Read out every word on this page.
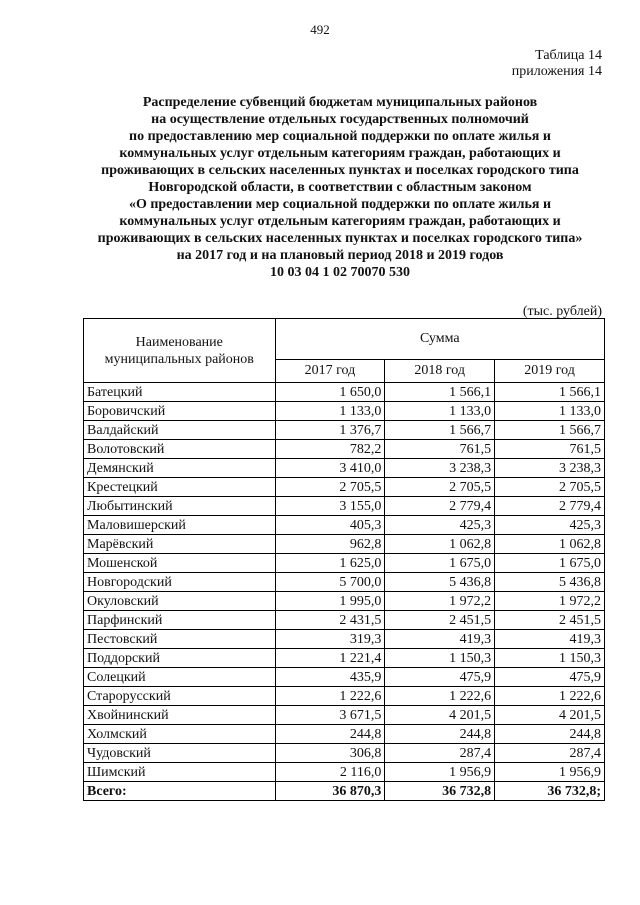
492
Таблица 14
приложения 14
Распределение субвенций бюджетам муниципальных районов
на осуществление отдельных государственных полномочий
по предоставлению мер социальной поддержки по оплате жилья и
коммунальных услуг отдельным категориям граждан, работающих и
проживающих в сельских населенных пунктах и поселках городского типа
Новгородской области, в соответствии с областным законом
«О предоставлении мер социальной поддержки по оплате жилья и
коммунальных услуг отдельным категориям граждан, работающих и
проживающих в сельских населенных пунктах и поселках городского типа»
на 2017 год и на плановый период 2018 и 2019 годов
10 03 04 1 02 70070 530
(тыс. рублей)
Наименование муниципальных районов	Сумма		
	2017 год	2018 год	2019 год
Батецкий	1 650,0	1 566,1	1 566,1
Боровичский	1 133,0	1 133,0	1 133,0
Валдайский	1 376,7	1 566,7	1 566,7
Волотовский	782,2	761,5	761,5
Демянский	3 410,0	3 238,3	3 238,3
Крестецкий	2 705,5	2 705,5	2 705,5
Любытинский	3 155,0	2 779,4	2 779,4
Маловишерский	405,3	425,3	425,3
Марёвский	962,8	1 062,8	1 062,8
Мошенской	1 625,0	1 675,0	1 675,0
Новгородский	5 700,0	5 436,8	5 436,8
Окуловский	1 995,0	1 972,2	1 972,2
Парфинский	2 431,5	2 451,5	2 451,5
Пестовский	319,3	419,3	419,3
Поддорский	1 221,4	1 150,3	1 150,3
Солецкий	435,9	475,9	475,9
Старорусский	1 222,6	1 222,6	1 222,6
Хвойнинский	3 671,5	4 201,5	4 201,5
Холмский	244,8	244,8	244,8
Чудовский	306,8	287,4	287,4
Шимский	2 116,0	1 956,9	1 956,9
Всего:	36 870,3	36 732,8	36 732,8;
